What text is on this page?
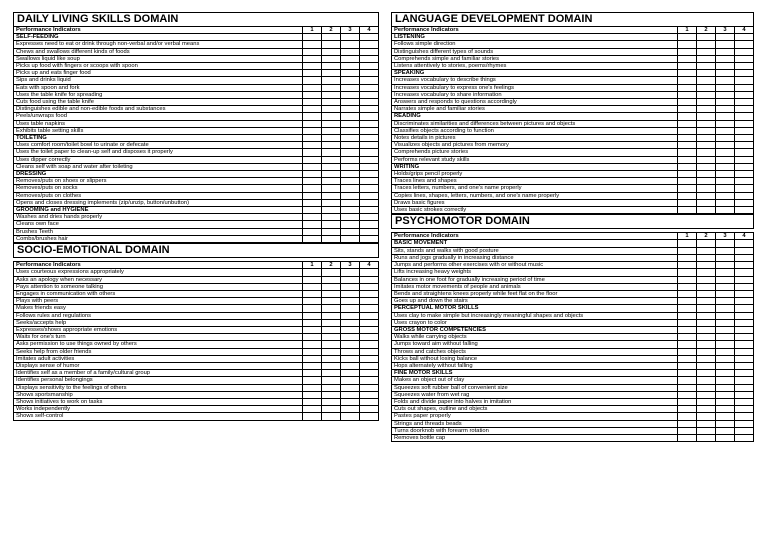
DAILY LIVING SKILLS DOMAIN				
Performance Indicators	1	2	3	4
SELF-FEEDING				
Expresses need to eat or drink through non-verbal and/or verbal means				
Chews and swallows different kinds of foods				
Swallows liquid like soup				
Picks up food with fingers or scoops with spoon				
Picks up and eats finger food				
Sips and drinks liquid				
Eats with spoon and fork				
Uses the table knife for spreading				
Cuts food using the table knife				
Distinguishes edible and non-edible foods and substances				
Peels/unwraps food				
Uses table napkins				
Exhibits table setting skills				
TOILETING				
Uses comfort room/toilet bowl to urinate or defecate				
Uses the toilet paper to clean-up self and disposes it properly				
Uses dipper correctly				
Cleans self with soap and water after toileting				
DRESSING				
Removes/puts on shoes or slippers				
Removes/puts on socks				
Removes/puts on clothes				
Opens and closes dressing implements (zip/unzip, button/unbutton)				
GROOMING and HYGIENE				
Washes and dries hands properly				
Cleans own face				
Brushes Teeth				
Combs/brushes hair				
SOCIO-EMOTIONAL DOMAIN				

Performance Indicators	1	2	3	4
Uses courteous expressions appropriately				
Asks an apology when necessary				
Pays attention to someone talking				
Engages in communication with others				
Plays with peers				
Makes friends easy				
Follows rules and regulations				
Seeks/accepts help				
Expresses/shows appropriate emotions				
Waits for one's turn				
Asks permission to use things owned by others				
Seeks help from older friends				
Imitates adult activities				
Displays sense of humor				
Identifies self as a member of a family/cultural group				
Identifies personal belongings				
Displays sensitivity to the feelings of others				
Shows sportsmanship				
Shows initiatives to work on tasks				
Works independently				
Shows self-control				
LANGUAGE DEVELOPMENT DOMAIN				
Performance Indicators	1	2	3	4
LISTENING				
Follows simple direction				
Distinguishes different types of sounds				
Comprehends simple and familiar stories				
Listens attentively to stories, poems/rhymes				
SPEAKING				
Increases vocabulary to describe things				
Increases vocabulary to express one's feelings				
Increases vocabulary to share information				
Answers and responds to questions accordingly				
Narrates simple and familiar stories				
READING				
Discriminates similarities and differences between pictures and objects				
Classifies objects according to function				
Notes details in pictures				
Visualizes objects and pictures from memory				
Comprehends picture stories				
Performs relevant study skills				
WRITING				
Holds/grips pencil properly				
Traces lines and shapes				
Traces letters, numbers, and one's name properly				
Copies lines, shapes, letters, numbers, and one's name properly				
Draws basic figures				
Uses basic strokes correctly				
PSYCHOMOTOR DOMAIN				

Performance Indicators	1	2	3	4
BASIC MOVEMENT				
Sits, stands and walks with good posture				
Runs and jogs gradually in increasing distance				
Jumps and performs other exercises with or without music				
Lifts increasing heavy weights				
Balances in one foot for gradually increasing period of time				
Imitates motor movements of people and animals				
Bends and straightens knees properly while feet flat on the floor				
Goes up and down the stairs				
PERCEPTUAL MOTOR SKILLS				
Uses clay to make simple but increasingly meaningful shapes and objects				
Uses crayon to color				
GROSS MOTOR COMPETENCIES				
Walks while carrying objects				
Jumps toward aim without falling				
Throws and catches objects				
Kicks ball without losing balance				
Hops alternately without falling				
FINE MOTOR SKILLS				
Makes an object out of clay				
Squeezes soft rubber ball of convenient size				
Squeezes water from wet rag				
Folds and divide paper into halves in imitation				
Cuts out shapes, outline and objects				
Pastes paper properly				
Strings and threads beads				
Turns doorknob with forearm rotation				
Removes bottle cap				
